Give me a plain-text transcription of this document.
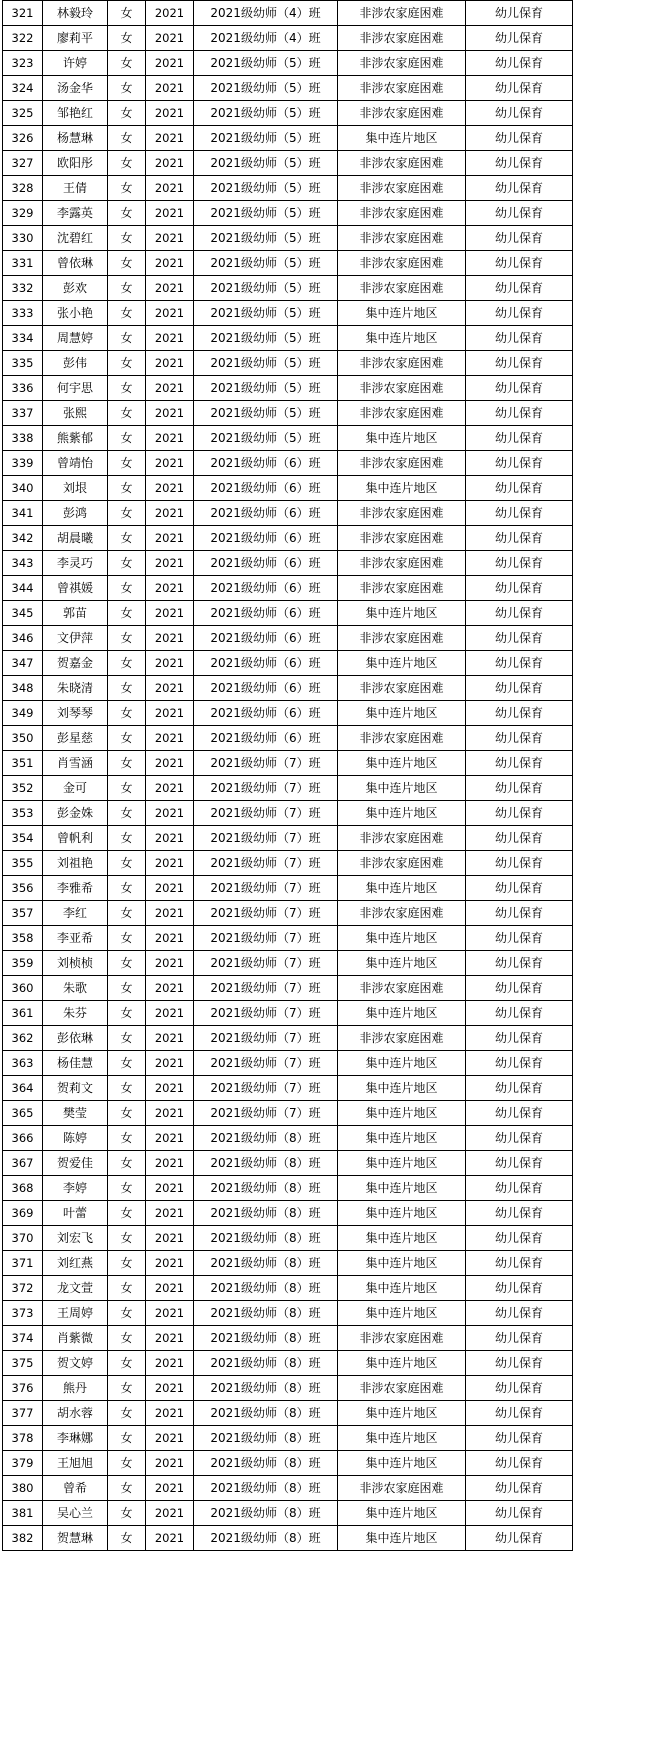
321	林毅玲	女	2021	2021级幼师（4）班	非涉农家庭困难	幼儿保育
322	廖莉平	女	2021	2021级幼师（4）班	非涉农家庭困难	幼儿保育
323	许婷	女	2021	2021级幼师（5）班	非涉农家庭困难	幼儿保育
324	汤金华	女	2021	2021级幼师（5）班	非涉农家庭困难	幼儿保育
325	邹艳红	女	2021	2021级幼师（5）班	非涉农家庭困难	幼儿保育
326	杨慧琳	女	2021	2021级幼师（5）班	集中连片地区	幼儿保育
327	欧阳彤	女	2021	2021级幼师（5）班	非涉农家庭困难	幼儿保育
328	王倩	女	2021	2021级幼师（5）班	非涉农家庭困难	幼儿保育
329	李露英	女	2021	2021级幼师（5）班	非涉农家庭困难	幼儿保育
330	沈碧红	女	2021	2021级幼师（5）班	非涉农家庭困难	幼儿保育
331	曾依琳	女	2021	2021级幼师（5）班	非涉农家庭困难	幼儿保育
332	彭欢	女	2021	2021级幼师（5）班	非涉农家庭困难	幼儿保育
333	张小艳	女	2021	2021级幼师（5）班	集中连片地区	幼儿保育
334	周慧婷	女	2021	2021级幼师（5）班	集中连片地区	幼儿保育
335	彭伟	女	2021	2021级幼师（5）班	非涉农家庭困难	幼儿保育
336	何宇思	女	2021	2021级幼师（5）班	非涉农家庭困难	幼儿保育
337	张熙	女	2021	2021级幼师（5）班	非涉农家庭困难	幼儿保育
338	熊紫郁	女	2021	2021级幼师（5）班	集中连片地区	幼儿保育
339	曾靖怡	女	2021	2021级幼师（6）班	非涉农家庭困难	幼儿保育
340	刘垠	女	2021	2021级幼师（6）班	集中连片地区	幼儿保育
341	彭鸿	女	2021	2021级幼师（6）班	非涉农家庭困难	幼儿保育
342	胡晨曦	女	2021	2021级幼师（6）班	非涉农家庭困难	幼儿保育
343	李灵巧	女	2021	2021级幼师（6）班	非涉农家庭困难	幼儿保育
344	曾祺媛	女	2021	2021级幼师（6）班	非涉农家庭困难	幼儿保育
345	郭苗	女	2021	2021级幼师（6）班	集中连片地区	幼儿保育
346	文伊萍	女	2021	2021级幼师（6）班	非涉农家庭困难	幼儿保育
347	贺嘉金	女	2021	2021级幼师（6）班	集中连片地区	幼儿保育
348	朱晓清	女	2021	2021级幼师（6）班	非涉农家庭困难	幼儿保育
349	刘琴琴	女	2021	2021级幼师（6）班	集中连片地区	幼儿保育
350	彭星慈	女	2021	2021级幼师（6）班	非涉农家庭困难	幼儿保育
351	肖雪涵	女	2021	2021级幼师（7）班	集中连片地区	幼儿保育
352	金可	女	2021	2021级幼师（7）班	集中连片地区	幼儿保育
353	彭金姝	女	2021	2021级幼师（7）班	集中连片地区	幼儿保育
354	曾帆利	女	2021	2021级幼师（7）班	非涉农家庭困难	幼儿保育
355	刘祖艳	女	2021	2021级幼师（7）班	非涉农家庭困难	幼儿保育
356	李雅希	女	2021	2021级幼师（7）班	集中连片地区	幼儿保育
357	李红	女	2021	2021级幼师（7）班	非涉农家庭困难	幼儿保育
358	李亚希	女	2021	2021级幼师（7）班	集中连片地区	幼儿保育
359	刘桢桢	女	2021	2021级幼师（7）班	集中连片地区	幼儿保育
360	朱歌	女	2021	2021级幼师（7）班	非涉农家庭困难	幼儿保育
361	朱芬	女	2021	2021级幼师（7）班	集中连片地区	幼儿保育
362	彭依琳	女	2021	2021级幼师（7）班	非涉农家庭困难	幼儿保育
363	杨佳慧	女	2021	2021级幼师（7）班	集中连片地区	幼儿保育
364	贺莉文	女	2021	2021级幼师（7）班	集中连片地区	幼儿保育
365	樊莹	女	2021	2021级幼师（7）班	集中连片地区	幼儿保育
366	陈婷	女	2021	2021级幼师（8）班	集中连片地区	幼儿保育
367	贺爱佳	女	2021	2021级幼师（8）班	集中连片地区	幼儿保育
368	李婷	女	2021	2021级幼师（8）班	集中连片地区	幼儿保育
369	叶蕾	女	2021	2021级幼师（8）班	集中连片地区	幼儿保育
370	刘宏飞	女	2021	2021级幼师（8）班	集中连片地区	幼儿保育
371	刘红燕	女	2021	2021级幼师（8）班	集中连片地区	幼儿保育
372	龙文萱	女	2021	2021级幼师（8）班	集中连片地区	幼儿保育
373	王周婷	女	2021	2021级幼师（8）班	集中连片地区	幼儿保育
374	肖紫微	女	2021	2021级幼师（8）班	非涉农家庭困难	幼儿保育
375	贺文婷	女	2021	2021级幼师（8）班	集中连片地区	幼儿保育
376	熊丹	女	2021	2021级幼师（8）班	非涉农家庭困难	幼儿保育
377	胡水蓉	女	2021	2021级幼师（8）班	集中连片地区	幼儿保育
378	李琳娜	女	2021	2021级幼师（8）班	集中连片地区	幼儿保育
379	王旭旭	女	2021	2021级幼师（8）班	集中连片地区	幼儿保育
380	曾希	女	2021	2021级幼师（8）班	非涉农家庭困难	幼儿保育
381	吴心兰	女	2021	2021级幼师（8）班	集中连片地区	幼儿保育
382	贺慧琳	女	2021	2021级幼师（8）班	集中连片地区	幼儿保育
